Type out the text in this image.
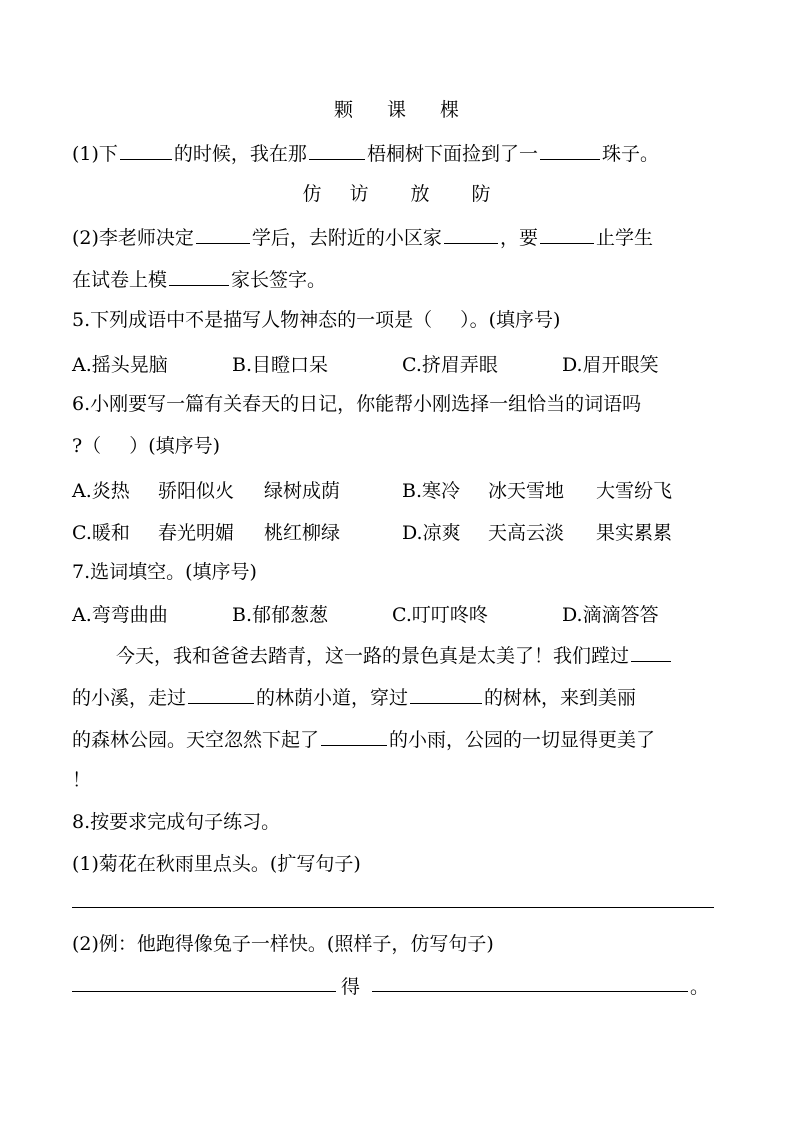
颗 课 棵
(1)下	的时候，我在那	梧桐树下面捡到了一	珠子。
仿 访 放 防
(2)李老师决定	学后，去附近的小区家	，要	止学生
在试卷上模	家长签字。
5.下列成语中不是描写人物神态的一项是（ ）。(填序号)
A.摇头晃脑	B.目瞪口呆	C.挤眉弄眼	D.眉开眼笑
6.小刚要写一篇有关春天的日记，你能帮小刚选择一组恰当的词语吗
?（ ）(填序号)
A.炎热 骄阳似火 绿树成荫	B.寒冷 冰天雪地 大雪纷飞
C.暖和 春光明媚 桃红柳绿	D.凉爽 天高云淡 果实累累
7.选词填空。(填序号)
A.弯弯曲曲	B.郁郁葱葱	C.叮叮咚咚	D.滴滴答答
今天，我和爸爸去踏青，这一路的景色真是太美了！我们蹚过
的小溪，走过	的林荫小道，穿过	的树林，来到美丽
的森林公园。天空忽然下起了	的小雨，公园的一切显得更美了
！
8.按要求完成句子练习。
(1)菊花在秋雨里点头。(扩写句子)
(2)例：他跑得像兔子一样快。(照样子，仿写句子)
得	。
